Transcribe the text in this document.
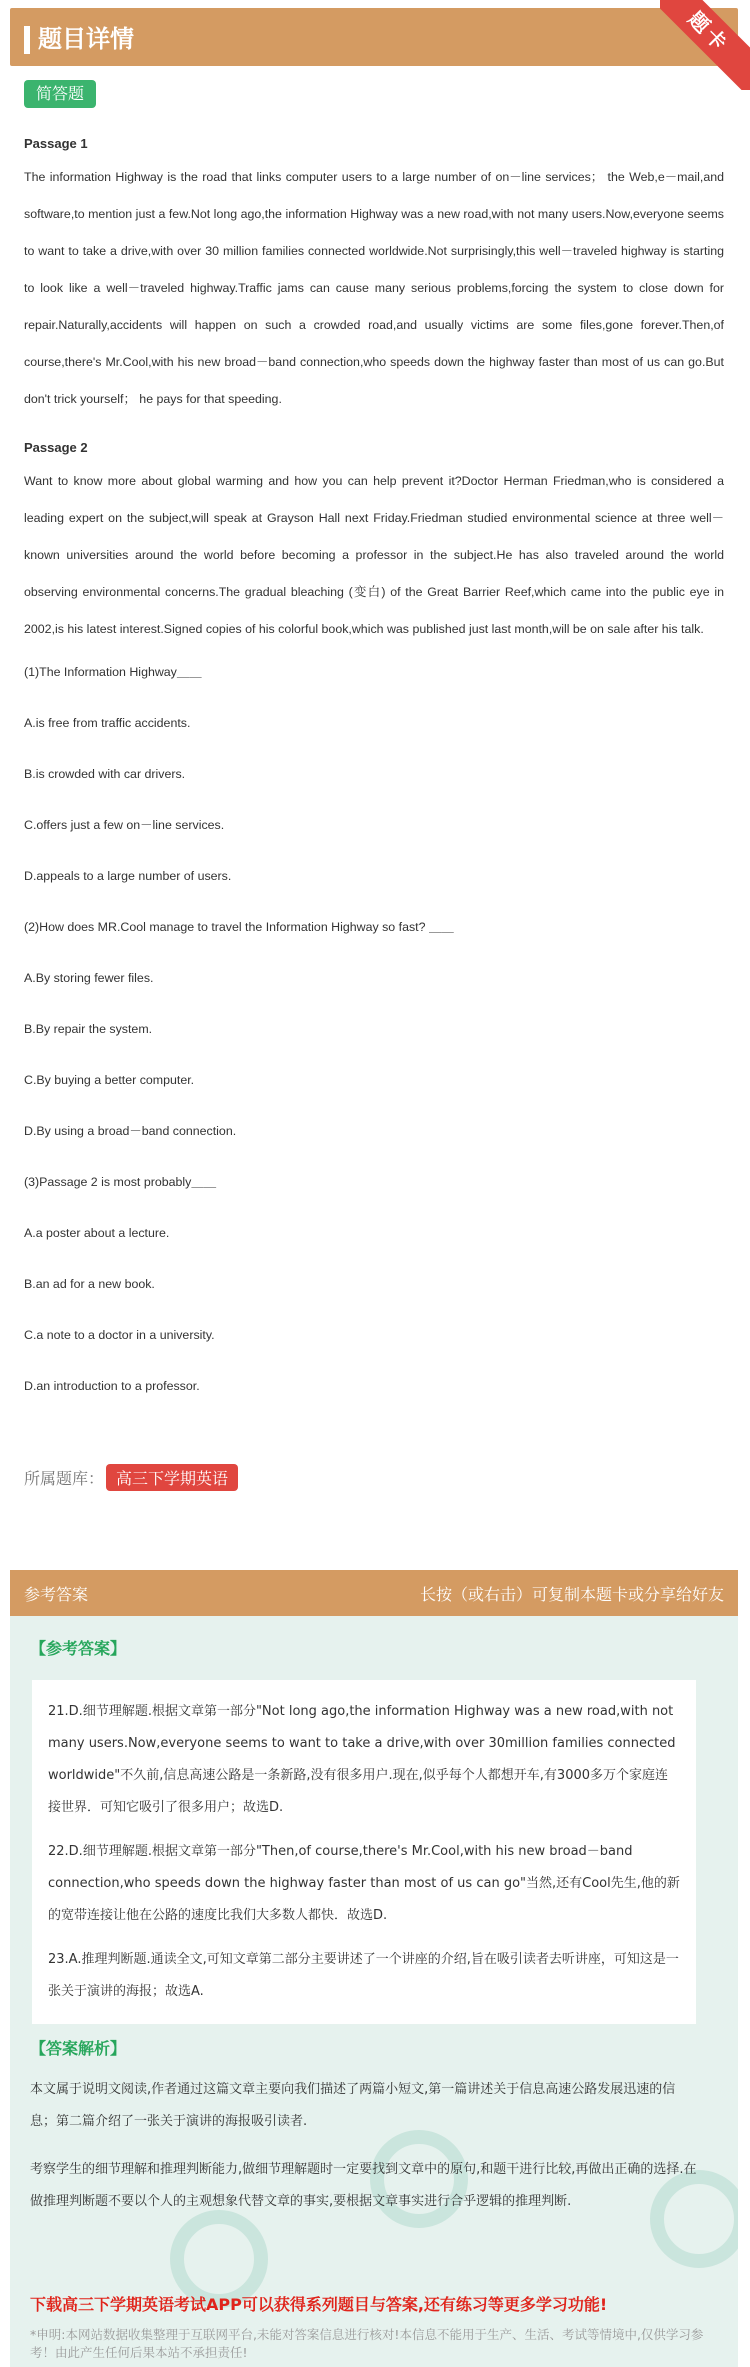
题目详情	题卡
简答题
Passage 1
The information Highway is the road that links computer users to a large number of on－line services； the Web,e－mail,and software,to mention just a few.Not long ago,the information Highway was a new road,with not many users.Now,everyone seems to want to take a drive,with over 30 million families connected worldwide.Not surprisingly,this well－traveled highway is starting to look like a well－traveled highway.Traffic jams can cause many serious problems,forcing the system to close down for repair.Naturally,accidents will happen on such a crowded road,and usually victims are some files,gone forever.Then,of course,there's Mr.Cool,with his new broad－band connection,who speeds down the highway faster than most of us can go.But don't trick yourself； he pays for that speeding.
Passage 2
Want to know more about global warming and how you can help prevent it?Doctor Herman Friedman,who is considered a leading expert on the subject,will speak at Grayson Hall next Friday.Friedman studied environmental science at three well－known universities around the world before becoming a professor in the subject.He has also traveled around the world observing environmental concerns.The gradual bleaching (变白) of the Great Barrier Reef,which came into the public eye in 2002,is his latest interest.Signed copies of his colorful book,which was published just last month,will be on sale after his talk.
(1)The Information Highway＿＿
A.is free from traffic accidents.
B.is crowded with car drivers.
C.offers just a few on－line services.
D.appeals to a large number of users.
(2)How does MR.Cool manage to travel the Information Highway so fast? ＿＿
A.By storing fewer files.
B.By repair the system.
C.By buying a better computer.
D.By using a broad－band connection.
(3)Passage 2 is most probably＿＿
A.a poster about a lecture.
B.an ad for a new book.
C.a note to a doctor in a university.
D.an introduction to a professor.
所属题库： 高三下学期英语
参考答案	长按（或右击）可复制本题卡或分享给好友
【参考答案】

21.D.细节理解题.根据文章第一部分"Not long ago,the information Highway was a new road,with not many users.Now,everyone seems to want to take a drive,with over 30million families connected worldwide"不久前,信息高速公路是一条新路,没有很多用户.现在,似乎每个人都想开车,有3000多万个家庭连接世界．可知它吸引了很多用户；故选D.

22.D.细节理解题.根据文章第一部分"Then,of course,there's Mr.Cool,with his new broad－band connection,who speeds down the highway faster than most of us can go"当然,还有Cool先生,他的新的宽带连接让他在公路的速度比我们大多数人都快．故选D.

23.A.推理判断题.通读全文,可知文章第二部分主要讲述了一个讲座的介绍,旨在吸引读者去听讲座，可知这是一张关于演讲的海报；故选A.

【答案解析】

本文属于说明文阅读,作者通过这篇文章主要向我们描述了两篇小短文,第一篇讲述关于信息高速公路发展迅速的信息；第二篇介绍了一张关于演讲的海报吸引读者.

考察学生的细节理解和推理判断能力,做细节理解题时一定要找到文章中的原句,和题干进行比较,再做出正确的选择.在做推理判断题不要以个人的主观想象代替文章的事实,要根据文章事实进行合乎逻辑的推理判断.

下载高三下学期英语考试APP可以获得系列题目与答案,还有练习等更多学习功能!
*申明:本网站数据收集整理于互联网平台,未能对答案信息进行核对!本信息不能用于生产、生活、考试等情境中,仅供学习参考！由此产生任何后果本站不承担责任!
